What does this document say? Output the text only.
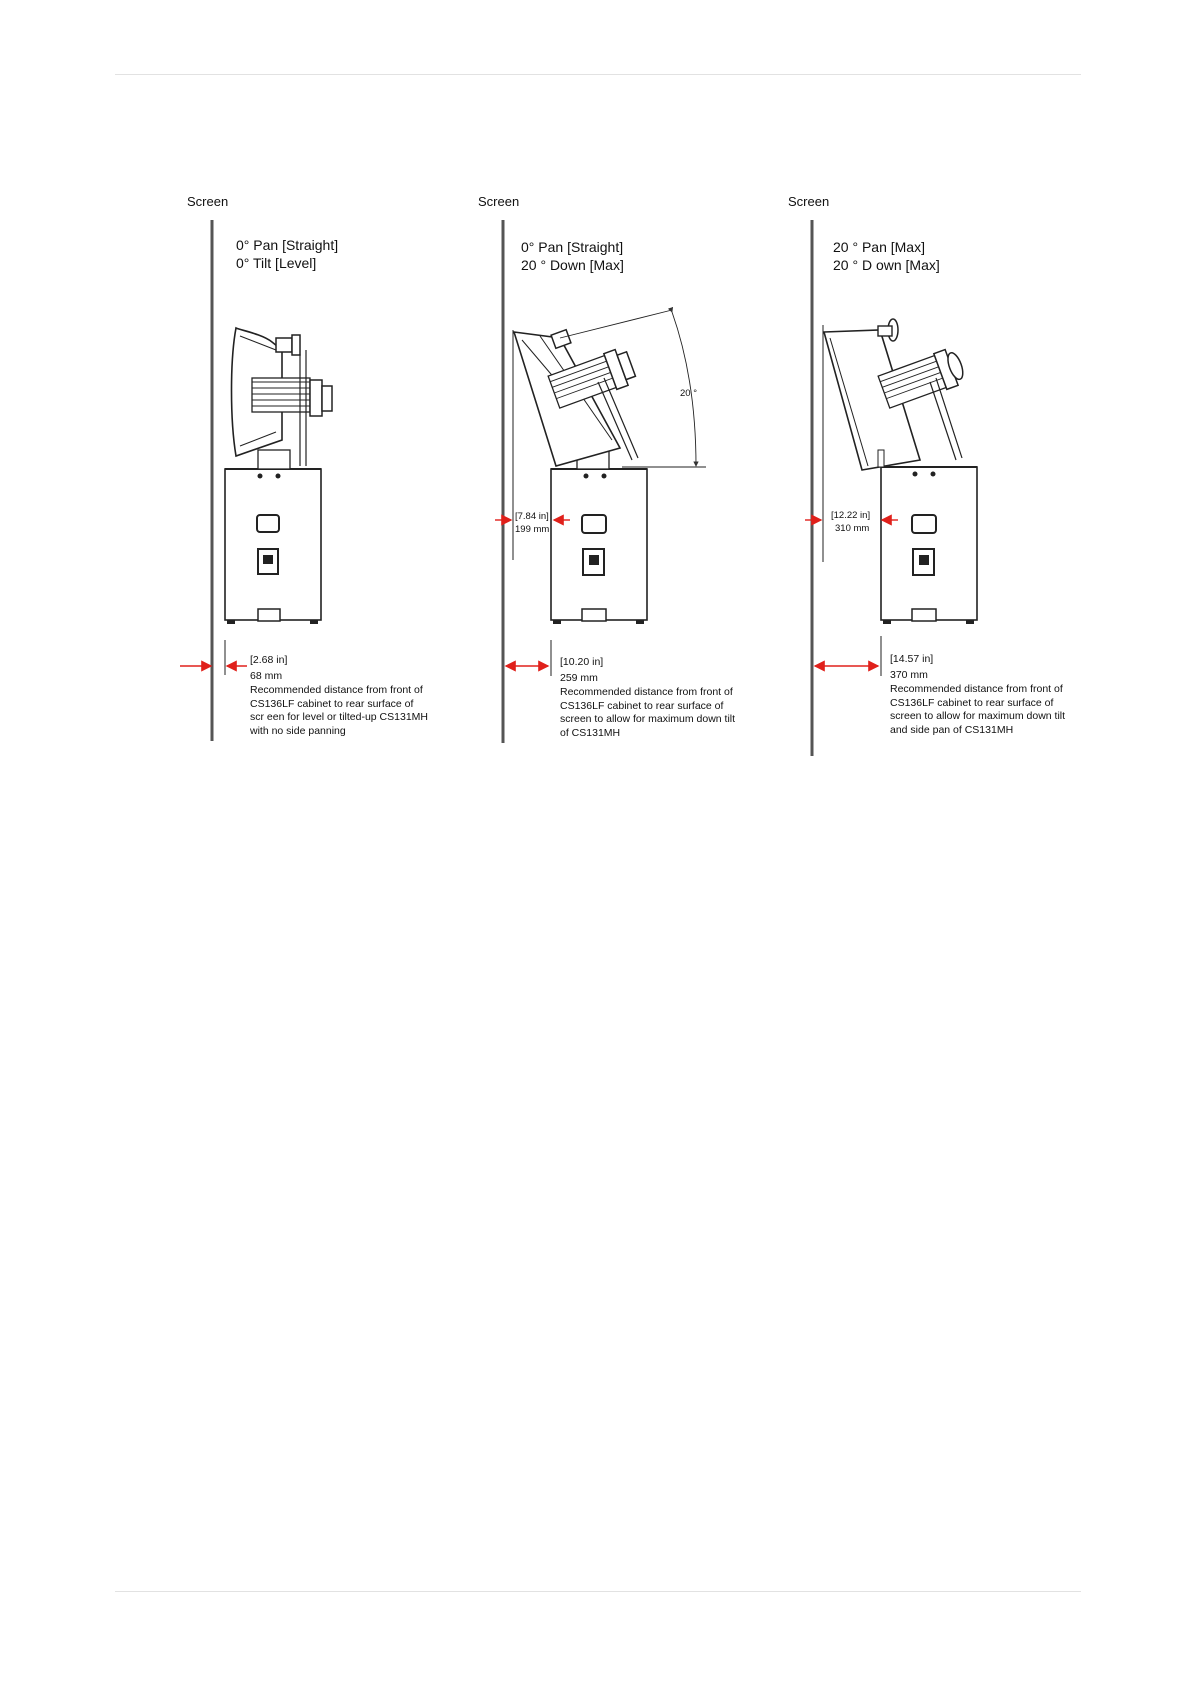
Screen
0° Pan [Straight]
0° Tilt [Level]
[2.68 in]
68 mm
Recommended distance from front of CS136LF cabinet to rear surface of scr een for level or tilted-up CS131MH with no side panning
Screen
0° Pan [Straight]
20 ° Down [Max]
20 °
[7.84 in]
199 mm
[10.20 in]
259 mm
Recommended distance from front of CS136LF cabinet to rear surface of screen to allow for maximum down tilt of CS131MH
Screen
20 ° Pan [Max]
20 ° D own [Max]
[12.22 in]
310 mm
[14.57 in]
370 mm
Recommended distance from front of CS136LF cabinet to rear surface of screen to allow for maximum down tilt and side pan of CS131MH
